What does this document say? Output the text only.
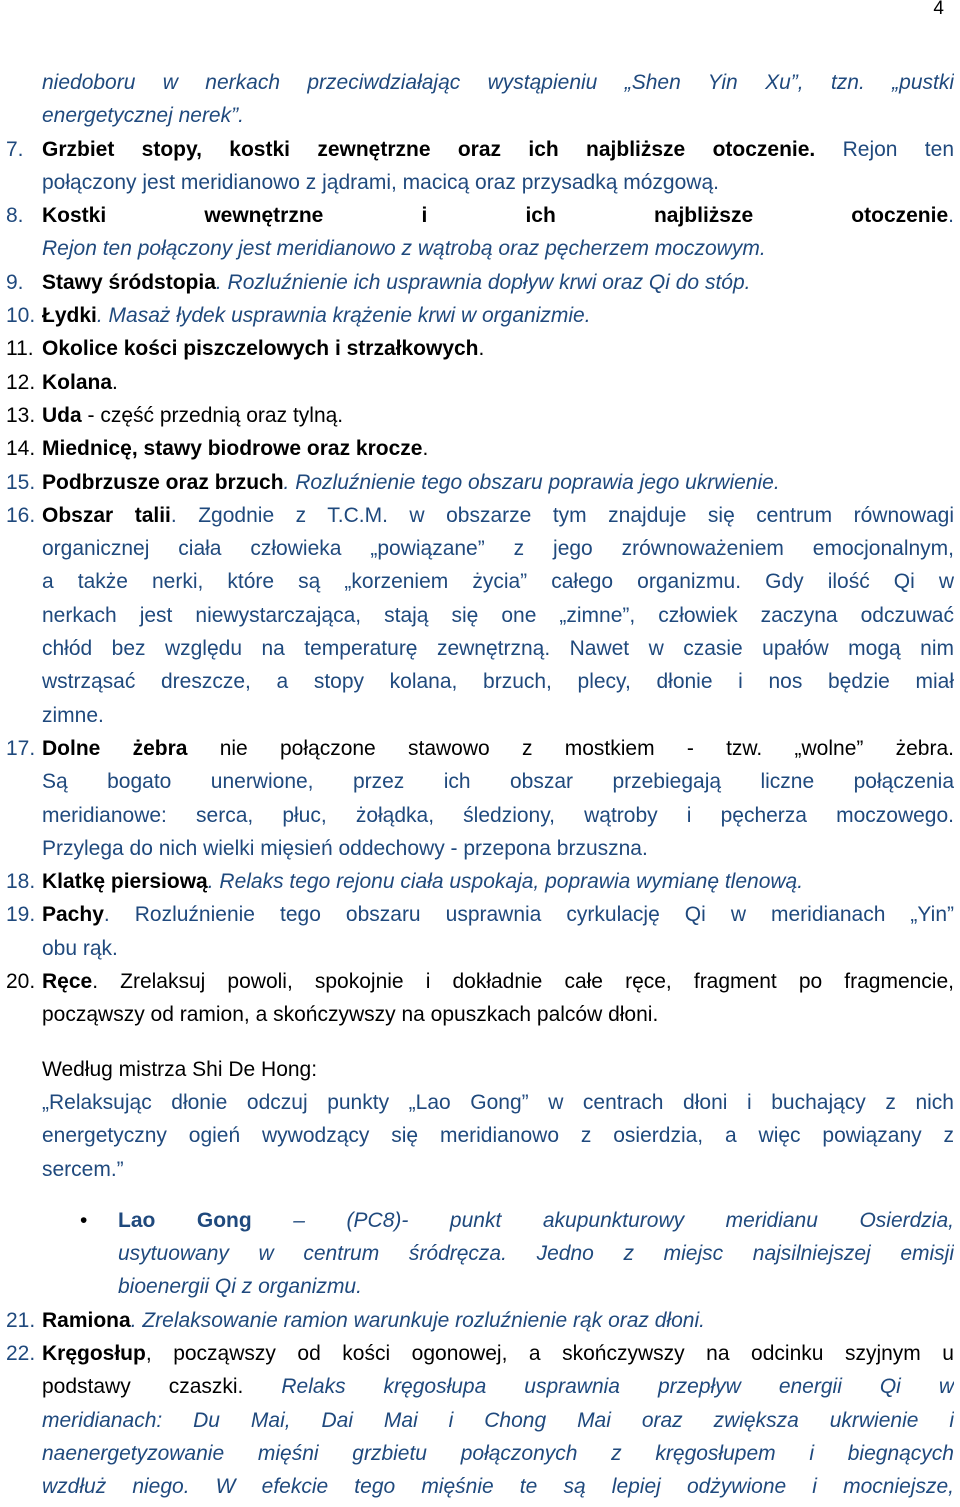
4
niedoboru w nerkach przeciwdziałając wystąpieniu „Shen Yin Xu”, tzn. „pustki
energetycznej nerek”.
7. Grzbiet stopy, kostki zewnętrzne oraz ich najbliższe otoczenie. Rejon ten
połączony jest meridianowo z jądrami, macicą oraz przysadką mózgową.
8. Kostki wewnętrzne i ich najbliższe otoczenie.
Rejon ten połączony jest meridianowo z wątrobą oraz pęcherzem moczowym.
9. Stawy śródstopia. Rozluźnienie ich usprawnia dopływ krwi oraz Qi do stóp.
10. Łydki. Masaż łydek usprawnia krążenie krwi w organizmie.
11. Okolice kości piszczelowych i strzałkowych.
12. Kolana.
13. Uda - część przednią oraz tylną.
14. Miednicę, stawy biodrowe oraz krocze.
15. Podbrzusze oraz brzuch. Rozluźnienie tego obszaru poprawia jego ukrwienie.
16. Obszar talii. Zgodnie z T.C.M. w obszarze tym znajduje się centrum równowagi
organicznej ciała człowieka „powiązane” z jego zrównoważeniem emocjonalnym,
a także nerki, które są „korzeniem życia” całego organizmu. Gdy ilość Qi w
nerkach jest niewystarczająca, stają się one „zimne”, człowiek zaczyna odczuwać
chłód bez względu na temperaturę zewnętrzną. Nawet w czasie upałów mogą nim
wstrząsać dreszcze, a stopy kolana, brzuch, plecy, dłonie i nos będzie miał
zimne.
17. Dolne żebra nie połączone stawowo z mostkiem - tzw. „wolne” żebra.
Są bogato unerwione, przez ich obszar przebiegają liczne połączenia
meridianowe: serca, płuc, żołądka, śledziony, wątroby i pęcherza moczowego.
Przylega do nich wielki mięsień oddechowy - przepona brzuszna.
18. Klatkę piersiową. Relaks tego rejonu ciała uspokaja, poprawia wymianę tlenową.
19. Pachy. Rozluźnienie tego obszaru usprawnia cyrkulację Qi w meridianach „Yin”
obu rąk.
20. Ręce. Zrelaksuj powoli, spokojnie i dokładnie całe ręce, fragment po fragmencie,
począwszy od ramion, a skończywszy na opuszkach palców dłoni.
Według mistrza Shi De Hong:
„Relaksując dłonie odczuj punkty „Lao Gong” w centrach dłoni i buchający z nich
energetyczny ogień wywodzący się meridianowo z osierdzia, a więc powiązany z
sercem.”
• Lao Gong – (PC8)- punkt akupunkturowy meridianu Osierdzia,
usytuowany w centrum śródręcza. Jedno z miejsc najsilniejszej emisji
bioenergii Qi z organizmu.
21. Ramiona. Zrelaksowanie ramion warunkuje rozluźnienie rąk oraz dłoni.
22. Kręgosłup, począwszy od kości ogonowej, a skończywszy na odcinku szyjnym u
podstawy czaszki. Relaks kręgosłupa usprawnia przepływ energii Qi w
meridianach: Du Mai, Dai Mai i Chong Mai oraz zwiększa ukrwienie i
naenergetyzowanie mięśni grzbietu połączonych z kręgosłupem i biegnących
wzdłuż niego. W efekcie tego mięśnie te są lepiej odżywione i mocniejsze,
